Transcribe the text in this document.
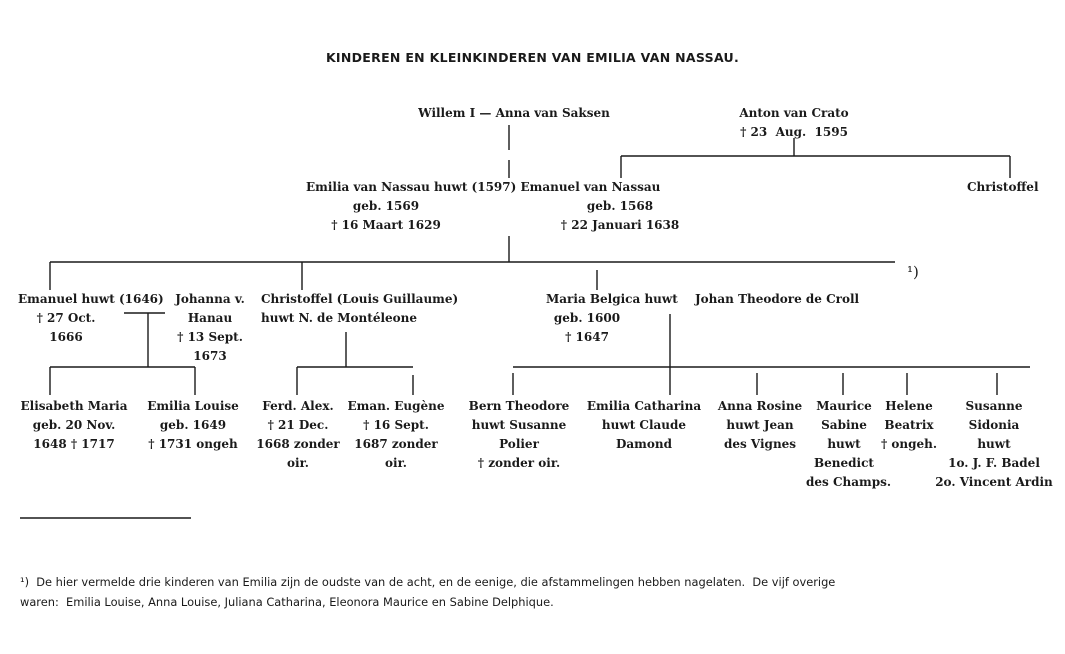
KINDEREN EN KLEINKINDEREN VAN EMILIA VAN NASSAU.
Willem I — Anna van Saksen	Anton van Crato
† 23  Aug.  1595
Emilia van Nassau huwt (1597) Emanuel van Nassau
geb. 1569
† 16 Maart 1629
geb. 1568
† 22 Januari 1638
Christoffel
¹)
Emanuel huwt (1646)
† 27 Oct.
1666
Johanna v.
Hanau
† 13 Sept.
1673
Christoffel (Louis Guillaume)
huwt N. de Montéleone
Maria Belgica huwt
geb. 1600
† 1647
Johan Theodore de Croll
Elisabeth Maria
geb. 20 Nov.
1648 † 1717
Emilia Louise
geb. 1649
† 1731 ongeh
Ferd. Alex.
† 21 Dec.
1668 zonder
oir.
Eman. Eugène
† 16 Sept.
1687 zonder
oir.
Bern Theodore
huwt Susanne
Polier
† zonder oir.
Emilia Catharina
huwt Claude
Damond
Anna Rosine
huwt Jean
des Vignes
Maurice
Sabine
huwt
Benedict
des Champs.
Helene
Beatrix
† ongeh.
Susanne
Sidonia
huwt
1o. J. F. Badel
2o. Vincent Ardin
¹) De hier vermelde drie kinderen van Emilia zijn de oudste van de acht, en de eenige, die afstammelingen hebben nagelaten.  De vijf overige
waren:  Emilia Louise, Anna Louise, Juliana Catharina, Eleonora Maurice en Sabine Delphique.
